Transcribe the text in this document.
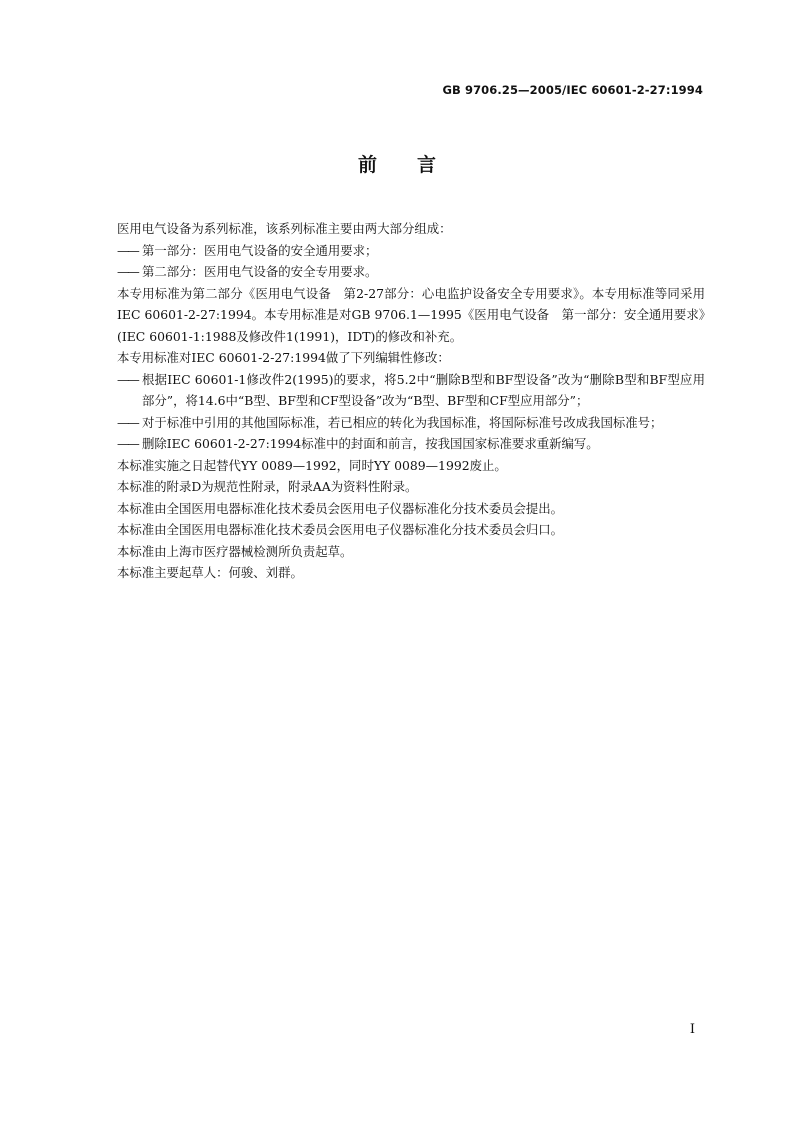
GB 9706.25—2005/IEC 60601-2-27:1994
前言

医用电气设备为系列标准，该系列标准主要由两大部分组成：

—— 第一部分：医用电气设备的安全通用要求；
—— 第二部分：医用电气设备的安全专用要求。

本专用标准为第二部分《医用电气设备　第2-27部分：心电监护设备安全专用要求》。本专用标准等同采用IEC 60601-2-27:1994。本专用标准是对GB 9706.1—1995《医用电气设备　第一部分：安全通用要求》(IEC 60601-1:1988及修改件1(1991)，IDT)的修改和补充。

本专用标准对IEC 60601-2-27:1994做了下列编辑性修改：

—— 根据IEC 60601-1修改件2(1995)的要求，将5.2中“删除B型和BF型设备”改为“删除B型和BF型应用部分”，将14.6中“B型、BF型和CF型设备”改为“B型、BF型和CF型应用部分”；
—— 对于标准中引用的其他国际标准，若已相应的转化为我国标准，将国际标准号改成我国标准号；
—— 删除IEC 60601-2-27:1994标准中的封面和前言，按我国国家标准要求重新编写。

本标准实施之日起替代YY 0089—1992，同时YY 0089—1992废止。

本标准的附录D为规范性附录，附录AA为资料性附录。

本标准由全国医用电器标准化技术委员会医用电子仪器标准化分技术委员会提出。

本标准由全国医用电器标准化技术委员会医用电子仪器标准化分技术委员会归口。

本标准由上海市医疗器械检测所负责起草。

本标准主要起草人：何骏、刘群。

I
